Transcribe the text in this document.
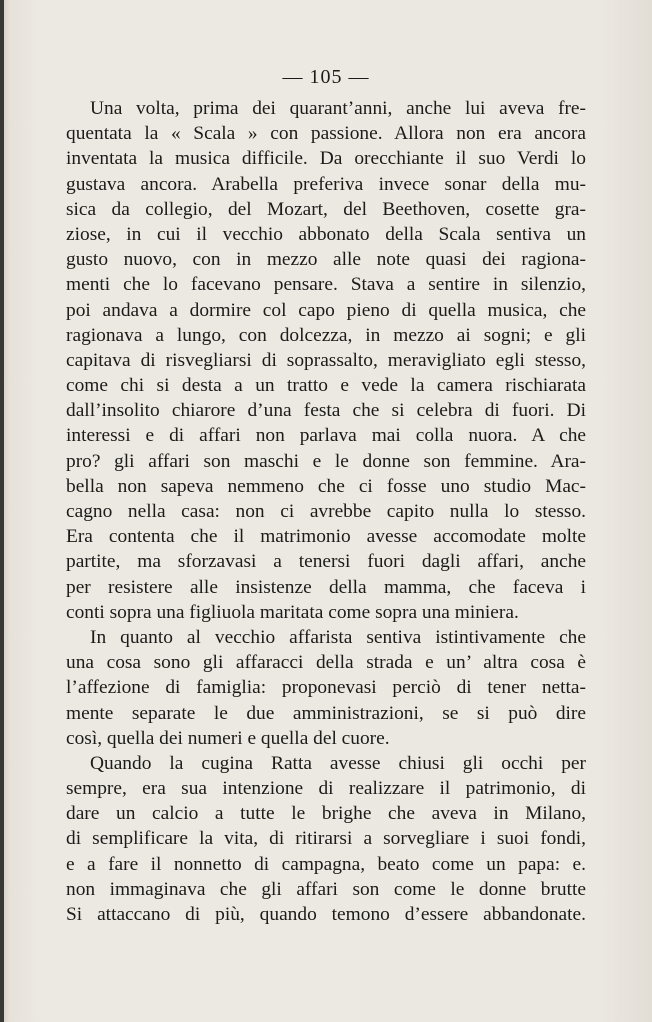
— 105 —
Una volta, prima dei quarant’anni, anche lui aveva fre-
quentata la « Scala » con passione. Allora non era ancora
inventata la musica difficile. Da orecchiante il suo Verdi lo
gustava ancora. Arabella preferiva invece sonar della mu-
sica da collegio, del Mozart, del Beethoven, cosette gra-
ziose, in cui il vecchio abbonato della Scala sentiva un
gusto nuovo, con in mezzo alle note quasi dei ragiona-
menti che lo facevano pensare. Stava a sentire in silenzio,
poi andava a dormire col capo pieno di quella musica, che
ragionava a lungo, con dolcezza, in mezzo ai sogni; e gli
capitava di risvegliarsi di soprassalto, meravigliato egli stesso,
come chi si desta a un tratto e vede la camera rischiarata
dall’insolito chiarore d’una festa che si celebra di fuori. Di
interessi e di affari non parlava mai colla nuora. A che
pro? gli affari son maschi e le donne son femmine. Ara-
bella non sapeva nemmeno che ci fosse uno studio Mac-
cagno nella casa: non ci avrebbe capito nulla lo stesso.
Era contenta che il matrimonio avesse accomodate molte
partite, ma sforzavasi a tenersi fuori dagli affari, anche
per resistere alle insistenze della mamma, che faceva i
conti sopra una figliuola maritata come sopra una miniera.
In quanto al vecchio affarista sentiva istintivamente che
una cosa sono gli affaracci della strada e un’ altra cosa è
l’affezione di famiglia: proponevasi perciò di tener netta-
mente separate le due amministrazioni, se si può dire
così, quella dei numeri e quella del cuore.
Quando la cugina Ratta avesse chiusi gli occhi per
sempre, era sua intenzione di realizzare il patrimonio, di
dare un calcio a tutte le brighe che aveva in Milano,
di semplificare la vita, di ritirarsi a sorvegliare i suoi fondi,
e a fare il nonnetto di campagna, beato come un papa: e.
non immaginava che gli affari son come le donne brutte
Si attaccano di più, quando temono d’essere abbandonate.
